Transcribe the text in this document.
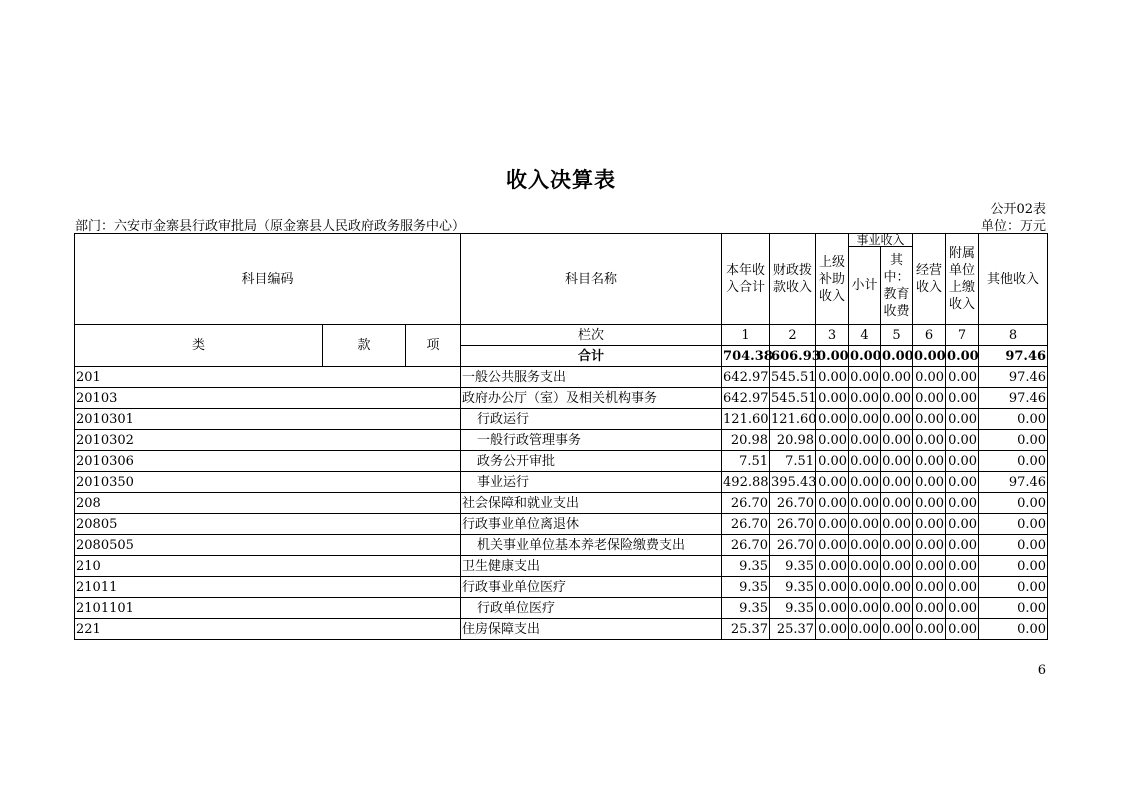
收入决算表
公开02表
部门：六安市金寨县行政审批局（原金寨县人民政府政务服务中心）	单位：万元
科目编码			科目名称	本年收入合计	财政拨款收入	上级补助收入	事业收入		经营收入	附属单位上缴收入	其他收入
							小计	其中：教育收费			
类	款	项	栏次	1	2	3	4	5	6	7	8
			合计	704.38	606.93	0.00	0.00	0.00	0.00	0.00	97.46
201			一般公共服务支出	642.97	545.51	0.00	0.00	0.00	0.00	0.00	97.46
20103			政府办公厅（室）及相关机构事务	642.97	545.51	0.00	0.00	0.00	0.00	0.00	97.46
2010301			行政运行	121.60	121.60	0.00	0.00	0.00	0.00	0.00	0.00
2010302			一般行政管理事务	20.98	20.98	0.00	0.00	0.00	0.00	0.00	0.00
2010306			政务公开审批	7.51	7.51	0.00	0.00	0.00	0.00	0.00	0.00
2010350			事业运行	492.88	395.43	0.00	0.00	0.00	0.00	0.00	97.46
208			社会保障和就业支出	26.70	26.70	0.00	0.00	0.00	0.00	0.00	0.00
20805			行政事业单位离退休	26.70	26.70	0.00	0.00	0.00	0.00	0.00	0.00
2080505			机关事业单位基本养老保险缴费支出	26.70	26.70	0.00	0.00	0.00	0.00	0.00	0.00
210			卫生健康支出	9.35	9.35	0.00	0.00	0.00	0.00	0.00	0.00
21011			行政事业单位医疗	9.35	9.35	0.00	0.00	0.00	0.00	0.00	0.00
2101101			行政单位医疗	9.35	9.35	0.00	0.00	0.00	0.00	0.00	0.00
221			住房保障支出	25.37	25.37	0.00	0.00	0.00	0.00	0.00	0.00
6
